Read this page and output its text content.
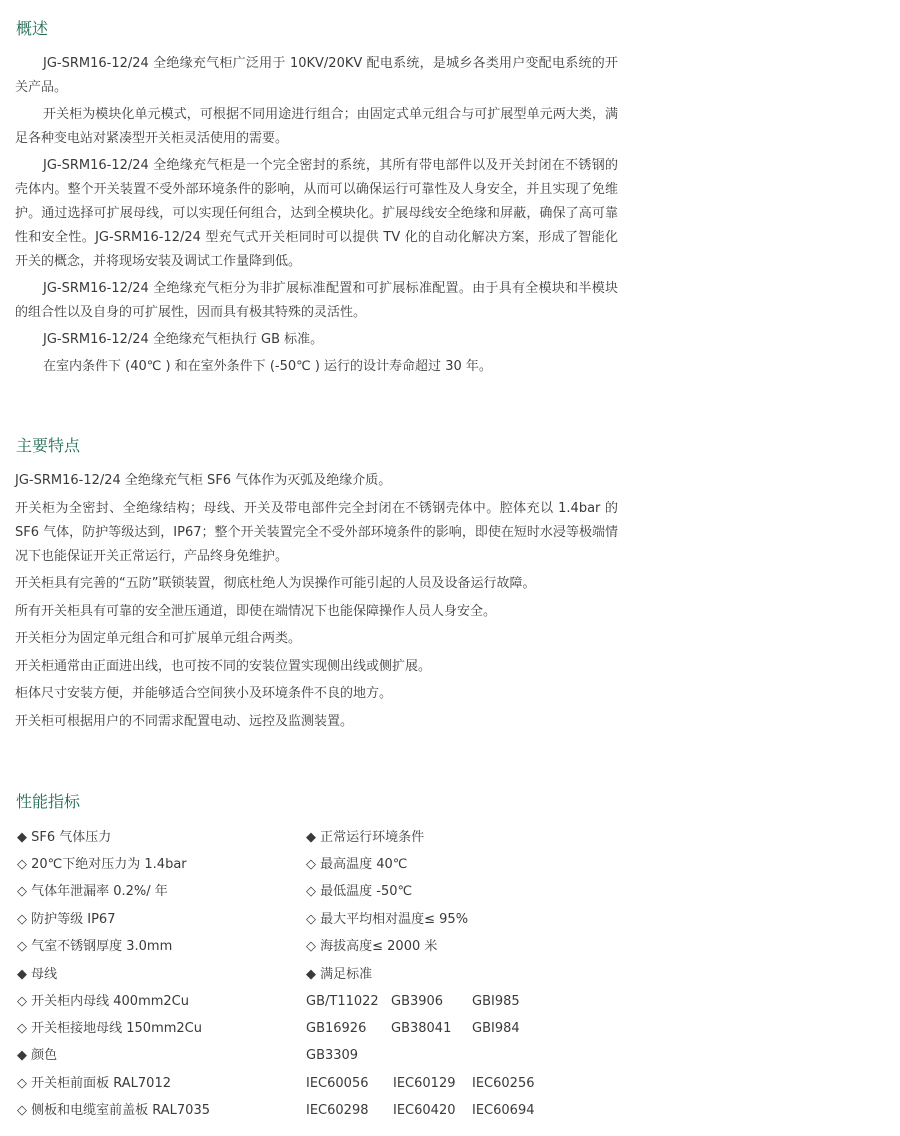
概述

JG-SRM16-12/24 全绝缘充气柜广泛用于 10KV/20KV 配电系统，是城乡各类用户变配电系统的开关产品。

开关柜为模块化单元模式，可根据不同用途进行组合；由固定式单元组合与可扩展型单元两大类，满足各种变电站对紧凑型开关柜灵活使用的需要。

JG-SRM16-12/24 全绝缘充气柜是一个完全密封的系统，其所有带电部件以及开关封闭在不锈钢的壳体内。整个开关装置不受外部环境条件的影响，从而可以确保运行可靠性及人身安全，并且实现了免维护。通过选择可扩展母线，可以实现任何组合，达到全模块化。扩展母线安全绝缘和屏蔽，确保了高可靠性和安全性。JG-SRM16-12/24 型充气式开关柜同时可以提供 TV 化的自动化解决方案，形成了智能化开关的概念，并将现场安装及调试工作量降到低。

JG-SRM16-12/24 全绝缘充气柜分为非扩展标准配置和可扩展标准配置。由于具有全模块和半模块的组合性以及自身的可扩展性，因而具有极其特殊的灵活性。

JG-SRM16-12/24 全绝缘充气柜执行 GB 标准。

在室内条件下 (40℃ ) 和在室外条件下 (-50℃ ) 运行的设计寿命超过 30 年。

主要特点

JG-SRM16-12/24 全绝缘充气柜 SF6 气体作为灭弧及绝缘介质。

开关柜为全密封、全绝缘结构；母线、开关及带电部件完全封闭在不锈钢壳体中。腔体充以 1.4bar 的 SF6 气体，防护等级达到，IP67；整个开关装置完全不受外部环境条件的影响，即使在短时水浸等极端情况下也能保证开关正常运行，产品终身免维护。

开关柜具有完善的“五防”联锁装置，彻底杜绝人为误操作可能引起的人员及设备运行故障。

所有开关柜具有可靠的安全泄压通道，即使在端情况下也能保障操作人员人身安全。

开关柜分为固定单元组合和可扩展单元组合两类。

开关柜通常由正面进出线，也可按不同的安装位置实现侧出线或侧扩展。

柜体尺寸安装方便，并能够适合空间狭小及环境条件不良的地方。

开关柜可根据用户的不同需求配置电动、远控及监测装置。

性能指标
◆ SF6 气体压力
◇ 20℃下绝对压力为 1.4bar
◇ 气体年泄漏率 0.2%/ 年
◇ 防护等级 IP67
◇ 气室不锈钢厚度 3.0mm
◆ 母线
◇ 开关柜内母线 400mm2Cu
◇ 开关柜接地母线 150mm2Cu
◆ 颜色
◇ 开关柜前面板 RAL7012
◇ 侧板和电缆室前盖板 RAL7035
◆ 正常运行环境条件
◇ 最高温度 40℃
◇ 最低温度 -50℃
◇ 最大平均相对温度≤ 95%
◇ 海拔高度≤ 2000 米
◆ 满足标准
GB/T11022 GB3906 GBI985
GB16926 GB38041 GBI984
GB3309
IEC60056 IEC60129 IEC60256
IEC60298 IEC60420 IEC60694
